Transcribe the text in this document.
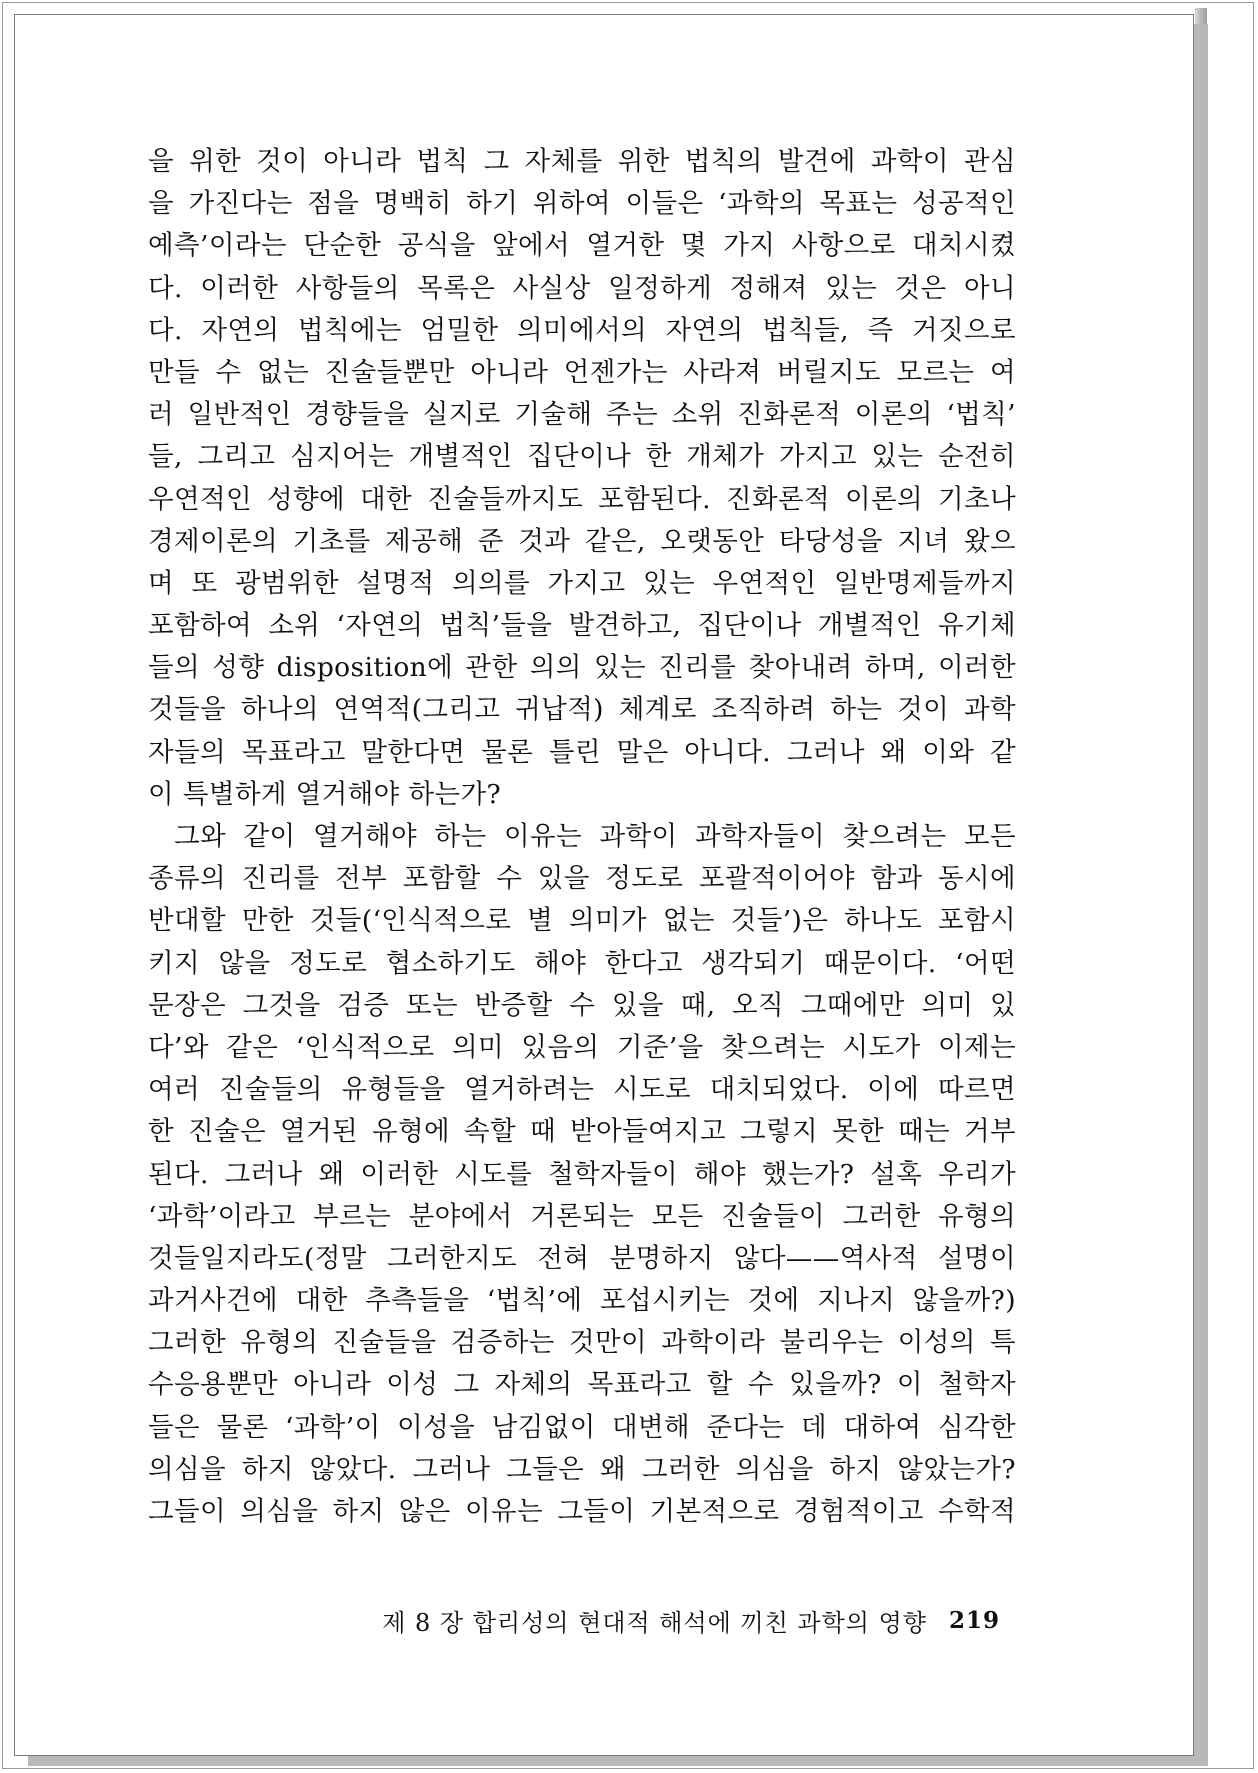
을 위한 것이 아니라 법칙 그 자체를 위한 법칙의 발견에 과학이 관심
을 가진다는 점을 명백히 하기 위하여 이들은 ‘과학의 목표는 성공적인
예측’이라는 단순한 공식을 앞에서 열거한 몇 가지 사항으로 대치시켰
다. 이러한 사항들의 목록은 사실상 일정하게 정해져 있는 것은 아니
다. 자연의 법칙에는 엄밀한 의미에서의 자연의 법칙들, 즉 거짓으로
만들 수 없는 진술들뿐만 아니라 언젠가는 사라져 버릴지도 모르는 여
러 일반적인 경향들을 실지로 기술해 주는 소위 진화론적 이론의 ‘법칙’
들, 그리고 심지어는 개별적인 집단이나 한 개체가 가지고 있는 순전히
우연적인 성향에 대한 진술들까지도 포함된다. 진화론적 이론의 기초나
경제이론의 기초를 제공해 준 것과 같은, 오랫동안 타당성을 지녀 왔으
며 또 광범위한 설명적 의의를 가지고 있는 우연적인 일반명제들까지
포함하여 소위 ‘자연의 법칙’들을 발견하고, 집단이나 개별적인 유기체
들의 성향 disposition에 관한 의의 있는 진리를 찾아내려 하며, 이러한
것들을 하나의 연역적(그리고 귀납적) 체계로 조직하려 하는 것이 과학
자들의 목표라고 말한다면 물론 틀린 말은 아니다. 그러나 왜 이와 같
이 특별하게 열거해야 하는가?
그와 같이 열거해야 하는 이유는 과학이 과학자들이 찾으려는 모든
종류의 진리를 전부 포함할 수 있을 정도로 포괄적이어야 함과 동시에
반대할 만한 것들(‘인식적으로 별 의미가 없는 것들’)은 하나도 포함시
키지 않을 정도로 협소하기도 해야 한다고 생각되기 때문이다. ‘어떤
문장은 그것을 검증 또는 반증할 수 있을 때, 오직 그때에만 의미 있
다’와 같은 ‘인식적으로 의미 있음의 기준’을 찾으려는 시도가 이제는
여러 진술들의 유형들을 열거하려는 시도로 대치되었다. 이에 따르면
한 진술은 열거된 유형에 속할 때 받아들여지고 그렇지 못한 때는 거부
된다. 그러나 왜 이러한 시도를 철학자들이 해야 했는가? 설혹 우리가
‘과학’이라고 부르는 분야에서 거론되는 모든 진술들이 그러한 유형의
것들일지라도(정말 그러한지도 전혀 분명하지 않다——역사적 설명이
과거사건에 대한 추측들을 ‘법칙’에 포섭시키는 것에 지나지 않을까?)
그러한 유형의 진술들을 검증하는 것만이 과학이라 불리우는 이성의 특
수응용뿐만 아니라 이성 그 자체의 목표라고 할 수 있을까? 이 철학자
들은 물론 ‘과학’이 이성을 남김없이 대변해 준다는 데 대하여 심각한
의심을 하지 않았다. 그러나 그들은 왜 그러한 의심을 하지 않았는가?
그들이 의심을 하지 않은 이유는 그들이 기본적으로 경험적이고 수학적
제 8 장 합리성의 현대적 해석에 끼친 과학의 영향 219
